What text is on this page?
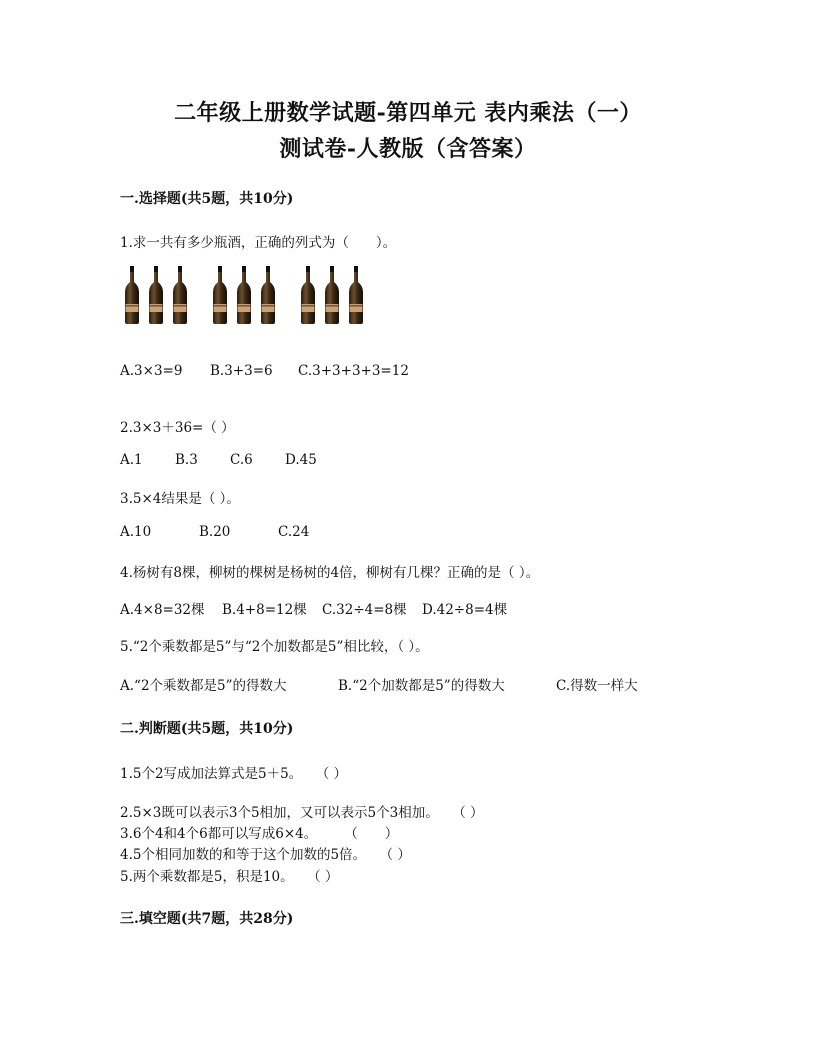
二年级上册数学试题-第四单元 表内乘法（一）
测试卷-人教版（含答案）
一.选择题(共5题，共10分)
1.求一共有多少瓶酒，正确的列式为（　　）。
A.3×3=9	B.3+3=6	C.3+3+3+3=12
2.3×3＋36=（ ）
A.1	B.3	C.6	D.45
3.5×4结果是（ ）。
A.10	B.20	C.24
4.杨树有8棵，柳树的棵树是杨树的4倍，柳树有几棵？正确的是（ ）。
A.4×8=32棵	B.4+8=12棵	C.32÷4=8棵	D.42÷8=4棵
5.“2个乘数都是5”与“2个加数都是5”相比较，（ ）。
A.“2个乘数都是5”的得数大	B.“2个加数都是5”的得数大	C.得数一样大
二.判断题(共5题，共10分)
1.5个2写成加法算式是5＋5。　　（ ）
2.5×3既可以表示3个5相加，又可以表示5个3相加。　　（ ）
3.6个4和4个6都可以写成6×4。　　　（　　）
4.5个相同加数的和等于这个加数的5倍。　　（ ）
5.两个乘数都是5，积是10。　　（ ）
三.填空题(共7题，共28分)
